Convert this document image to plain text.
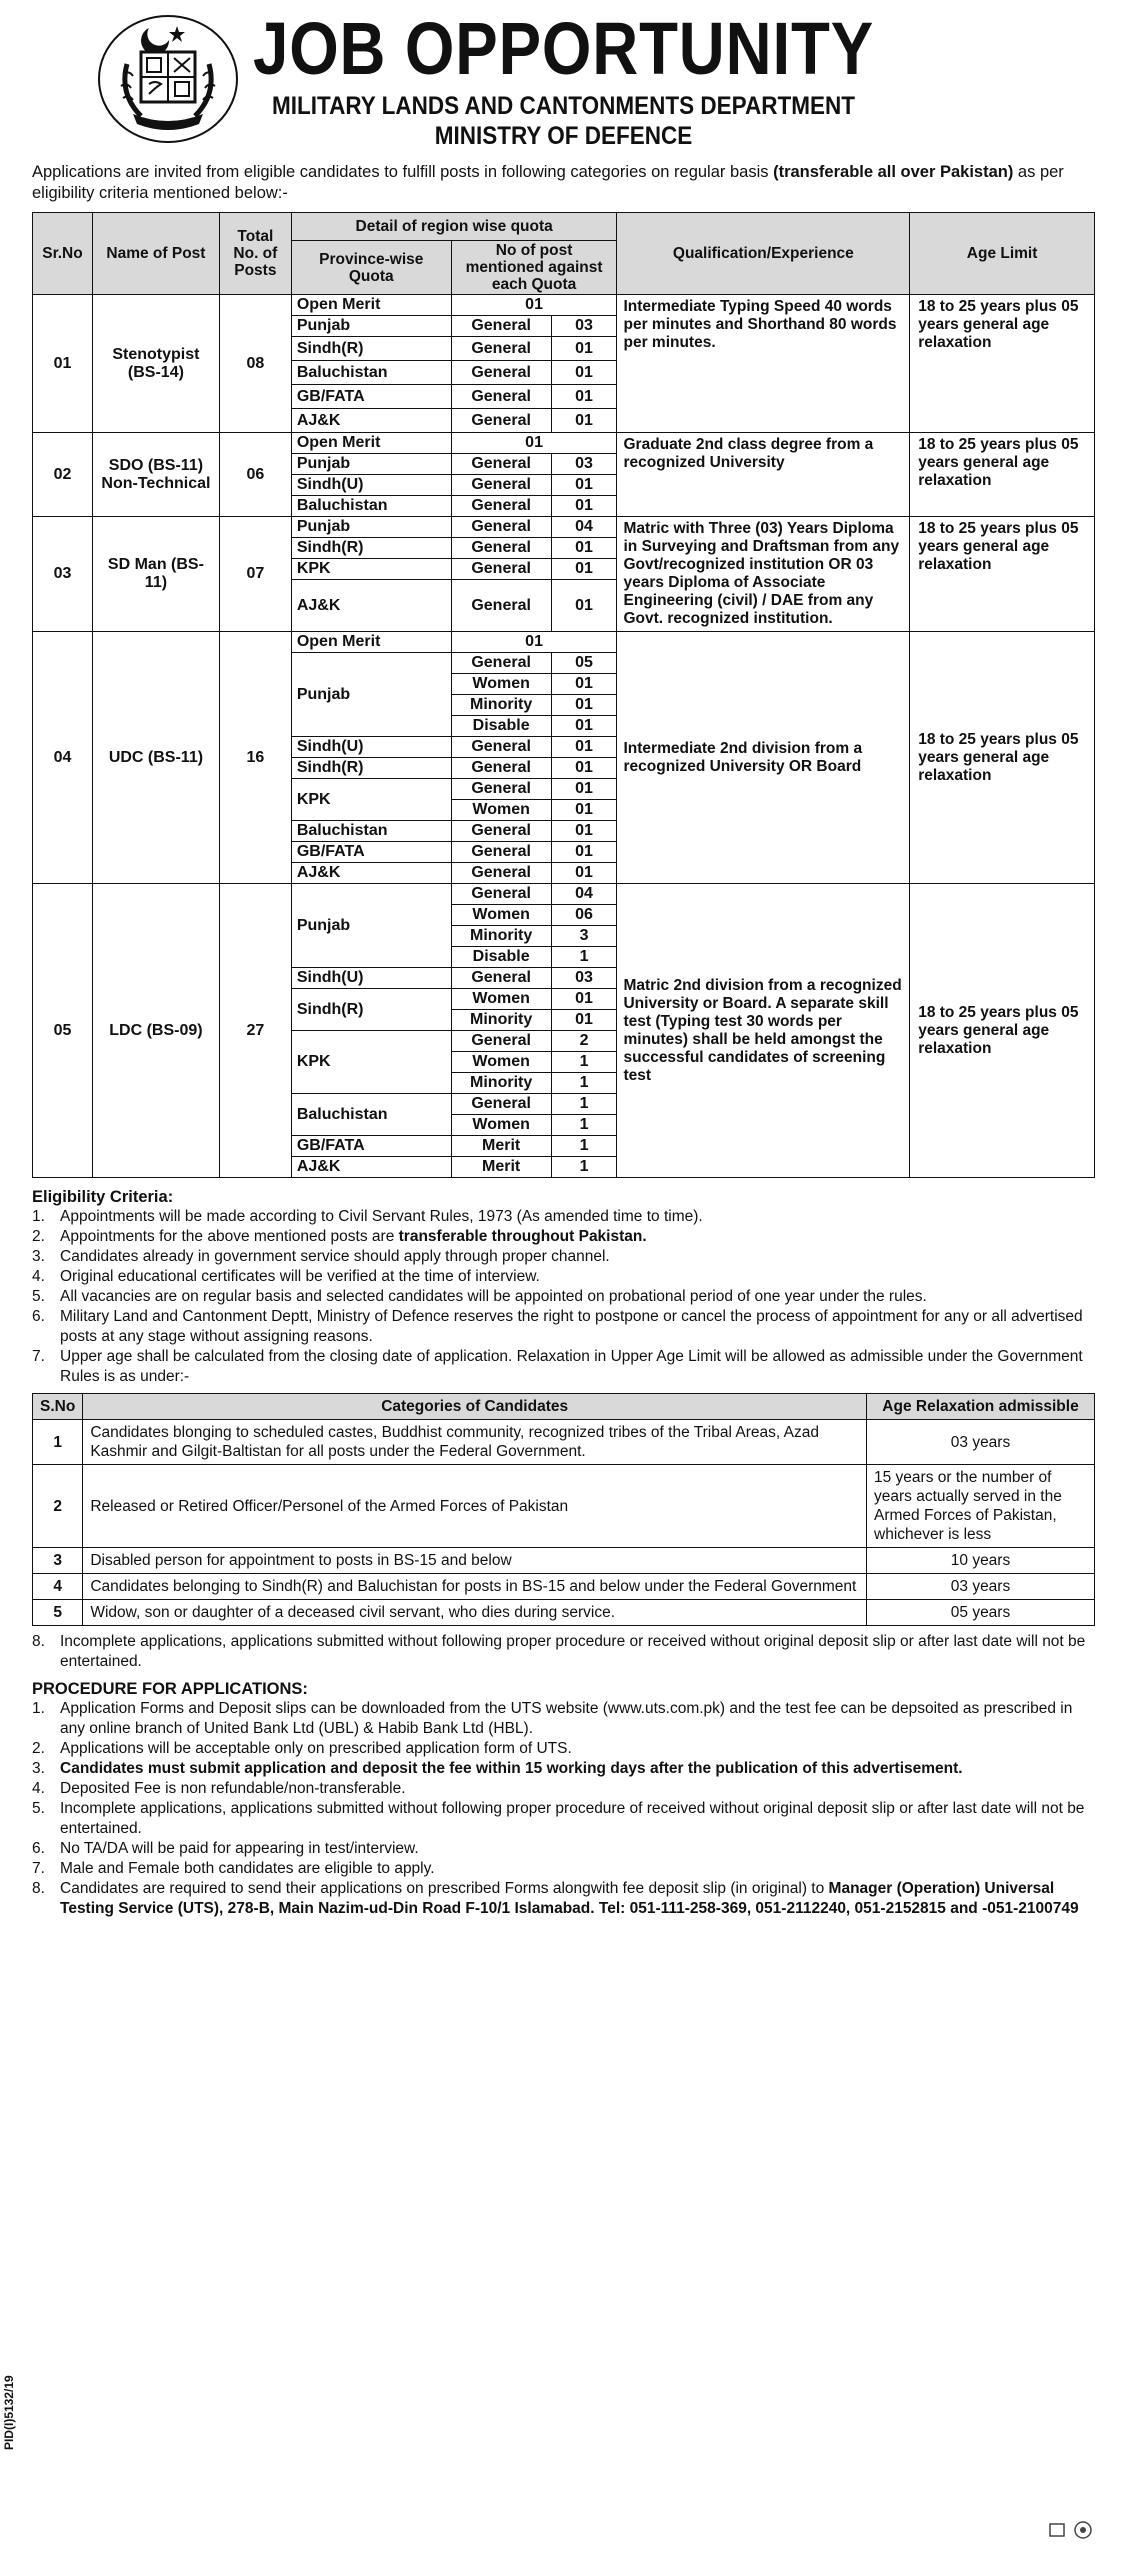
JOB OPPORTUNITY
MILITARY LANDS AND CANTONMENTS DEPARTMENT
MINISTRY OF DEFENCE

Applications are invited from eligible candidates to fulfill posts in following categories on regular basis (transferable all over Pakistan) as per eligibility criteria mentioned below:-

Sr.No	Name of Post	Total No. of Posts	Detail of region wise quota			Qualification/Experience	Age Limit
			Province-wise Quota	No of post mentioned against each Quota			
01	Stenotypist (BS-14)	08	Open Merit	01		Intermediate Typing Speed 40 words per minutes and Shorthand 80 words per minutes.	18 to 25 years plus 05 years general age relaxation
			Punjab	General	03		
			Sindh(R)	General	01		
			Baluchistan	General	01		
			GB/FATA	General	01		
			AJ&K	General	01		
02	SDO (BS-11) Non-Technical	06	Open Merit	01		Graduate 2nd class degree from a recognized University	18 to 25 years plus 05 years general age relaxation
			Punjab	General	03		
			Sindh(U)	General	01		
			Baluchistan	General	01		
03	SD Man (BS-11)	07	Punjab	General	04	Matric with Three (03) Years Diploma in Surveying and Draftsman from any Govt/recognized institution OR 03 years Diploma of Associate Engineering (civil) / DAE from any Govt. recognized institution.	18 to 25 years plus 05 years general age relaxation
			Sindh(R)	General	01		
			KPK	General	01		
			AJ&K	General	01		
04	UDC (BS-11)	16	Open Merit	01		Intermediate 2nd division from a recognized University OR Board	18 to 25 years plus 05 years general age relaxation
			Punjab	General	05		
				Women	01		
				Minority	01		
				Disable	01		
			Sindh(U)	General	01		
			Sindh(R)	General	01		
			KPK	General	01		
				Women	01		
			Baluchistan	General	01		
			GB/FATA	General	01		
			AJ&K	General	01		
05	LDC (BS-09)	27	Punjab	General	04	Matric 2nd division from a recognized University or Board. A separate skill test (Typing test 30 words per minutes) shall be held amongst the successful candidates of screening test	18 to 25 years plus 05 years general age relaxation
				Women	06		
				Minority	3		
				Disable	1		
			Sindh(U)	General	03		
			Sindh(R)	Women	01		
				Minority	01		
			KPK	General	2		
				Women	1		
				Minority	1		
			Baluchistan	General	1		
				Women	1		
			GB/FATA	Merit	1		
			AJ&K	Merit	1		
Eligibility Criteria:
1. Appointments will be made according to Civil Servant Rules, 1973 (As amended time to time).
2. Appointments for the above mentioned posts are transferable throughout Pakistan.
3. Candidates already in government service should apply through proper channel.
4. Original educational certificates will be verified at the time of interview.
5. All vacancies are on regular basis and selected candidates will be appointed on probational period of one year under the rules.
6. Military Land and Cantonment Deptt, Ministry of Defence reserves the right to postpone or cancel the process of appointment for any or all advertised posts at any stage without assigning reasons.
7. Upper age shall be calculated from the closing date of application. Relaxation in Upper Age Limit will be allowed as admissible under the Government Rules is as under:-
S.No	Categories of Candidates	Age Relaxation admissible
1	Candidates blonging to scheduled castes, Buddhist community, recognized tribes of the Tribal Areas, Azad Kashmir and Gilgit-Baltistan for all posts under the Federal Government.	03 years
2	Released or Retired Officer/Personel of the Armed Forces of Pakistan	15 years or the number of years actually served in the Armed Forces of Pakistan, whichever is less
3	Disabled person for appointment to posts in BS-15 and below	10 years
4	Candidates belonging to Sindh(R) and Baluchistan for posts in BS-15 and below under the Federal Government	03 years
5	Widow, son or daughter of a deceased civil servant, who dies during service.	05 years
8. Incomplete applications, applications submitted without following proper procedure or received without original deposit slip or after last date will not be entertained.
PROCEDURE FOR APPLICATIONS:
1. Application Forms and Deposit slips can be downloaded from the UTS website (www.uts.com.pk) and the test fee can be depsoited as prescribed in any online branch of United Bank Ltd (UBL) & Habib Bank Ltd (HBL).
2. Applications will be acceptable only on prescribed application form of UTS.
3. Candidates must submit application and deposit the fee within 15 working days after the publication of this advertisement.
4. Deposited Fee is non refundable/non-transferable.
5. Incomplete applications, applications submitted without following proper procedure of received without original deposit slip or after last date will not be entertained.
6. No TA/DA will be paid for appearing in test/interview.
7. Male and Female both candidates are eligible to apply.
8. Candidates are required to send their applications on prescribed Forms alongwith fee deposit slip (in original) to Manager (Operation) Universal Testing Service (UTS), 278-B, Main Nazim-ud-Din Road F-10/1 Islamabad. Tel: 051-111-258-369, 051-2112240, 051-2152815 and -051-2100749
PID(I)5132/19
